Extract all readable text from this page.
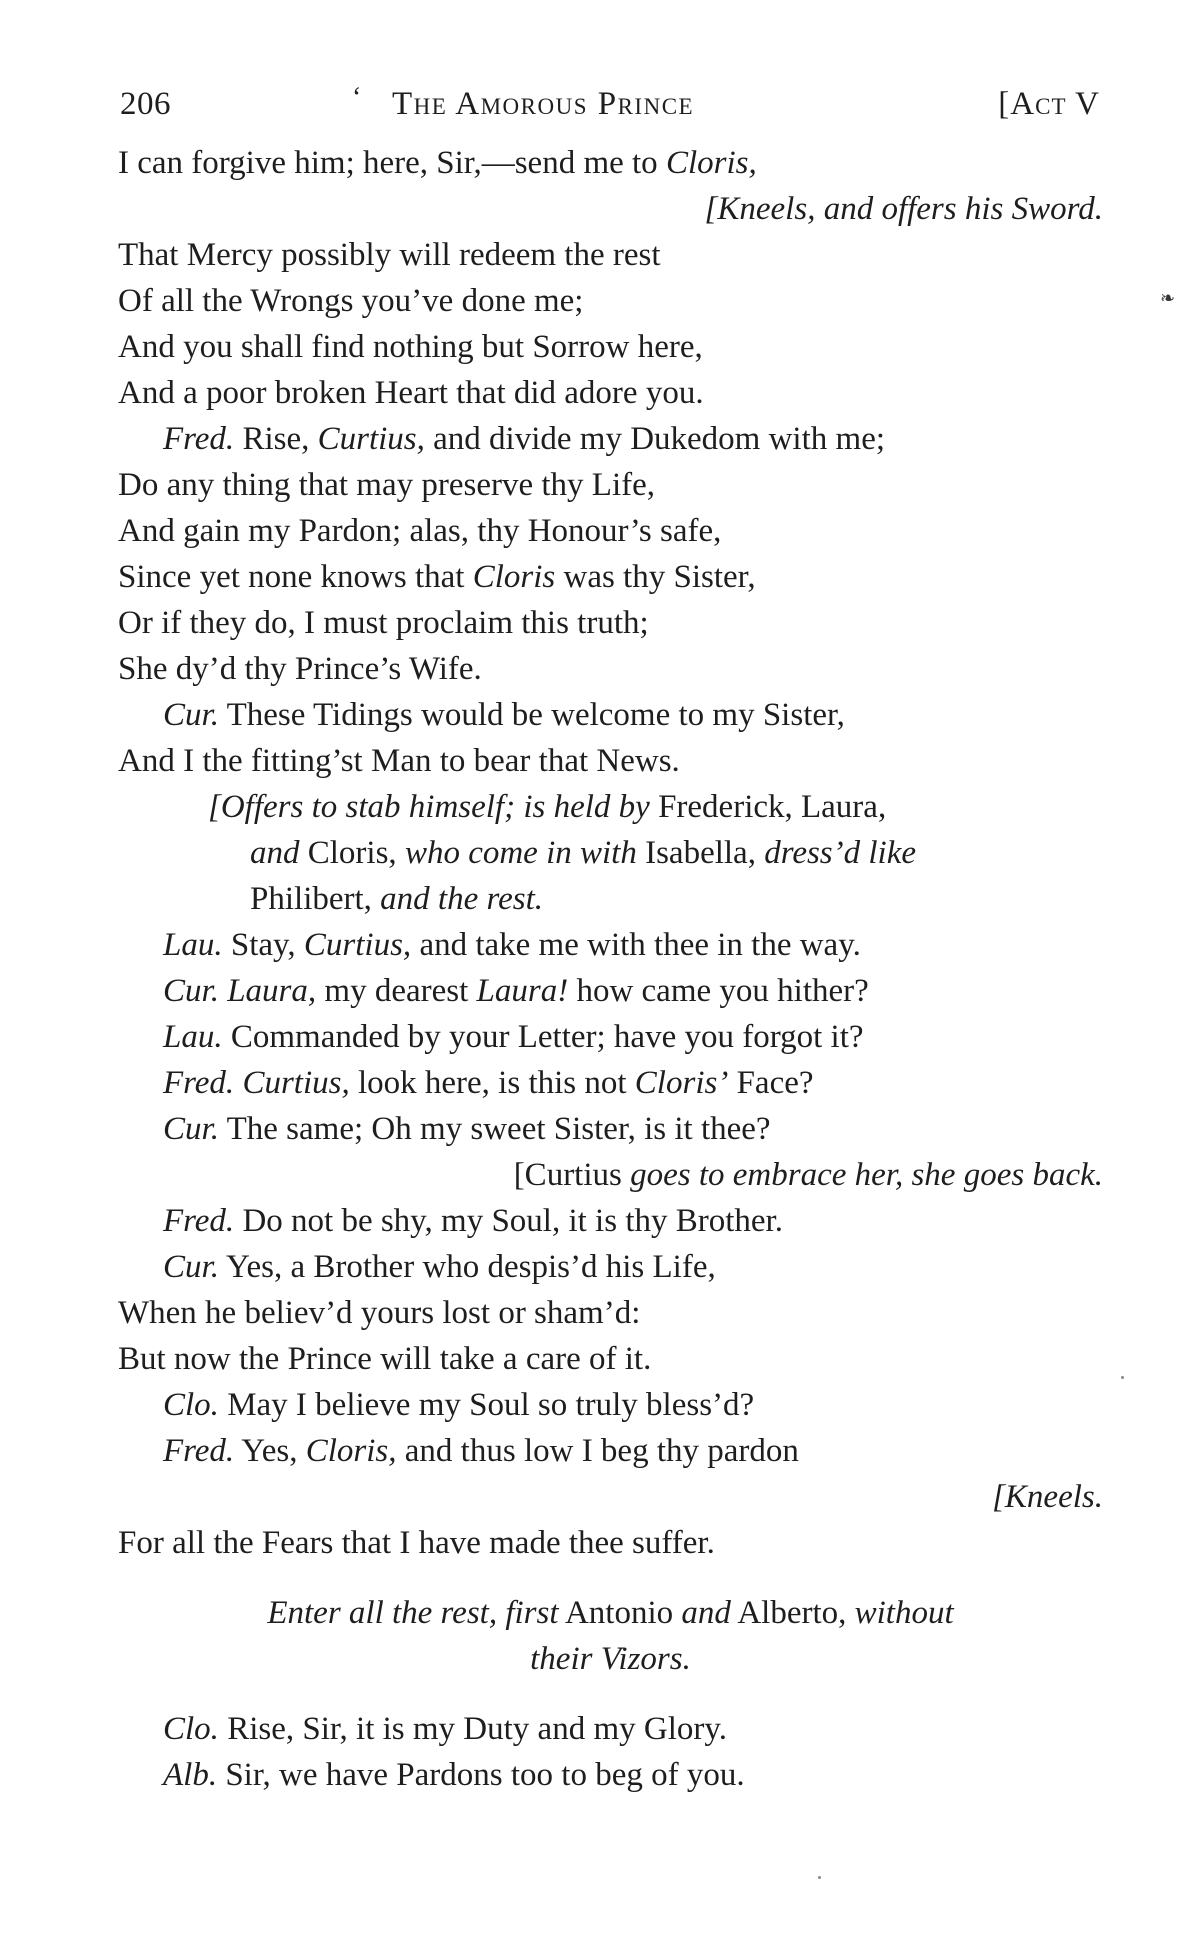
206	‘ The Amorous Prince	[Act V
❧
I can forgive him; here, Sir,—send me to Cloris,
[Kneels, and offers his Sword.
That Mercy possibly will redeem the rest
Of all the Wrongs you’ve done me;
And you shall find nothing but Sorrow here,
And a poor broken Heart that did adore you.
Fred. Rise, Curtius, and divide my Dukedom with me;
Do any thing that may preserve thy Life,
And gain my Pardon; alas, thy Honour’s safe,
Since yet none knows that Cloris was thy Sister,
Or if they do, I must proclaim this truth;
She dy’d thy Prince’s Wife.
Cur. These Tidings would be welcome to my Sister,
And I the fitting’st Man to bear that News.
[Offers to stab himself; is held by Frederick, Laura,
and Cloris, who come in with Isabella, dress’d like
Philibert, and the rest.
Lau. Stay, Curtius, and take me with thee in the way.
Cur. Laura, my dearest Laura! how came you hither?
Lau. Commanded by your Letter; have you forgot it?
Fred. Curtius, look here, is this not Cloris’ Face?
Cur. The same; Oh my sweet Sister, is it thee?
[Curtius goes to embrace her, she goes back.
Fred. Do not be shy, my Soul, it is thy Brother.
Cur. Yes, a Brother who despis’d his Life,
When he believ’d yours lost or sham’d:
But now the Prince will take a care of it.
Clo. May I believe my Soul so truly bless’d?
Fred. Yes, Cloris, and thus low I beg thy pardon
[Kneels.
For all the Fears that I have made thee suffer.
Enter all the rest, first Antonio and Alberto, without
their Vizors.
Clo. Rise, Sir, it is my Duty and my Glory.
Alb. Sir, we have Pardons too to beg of you.
